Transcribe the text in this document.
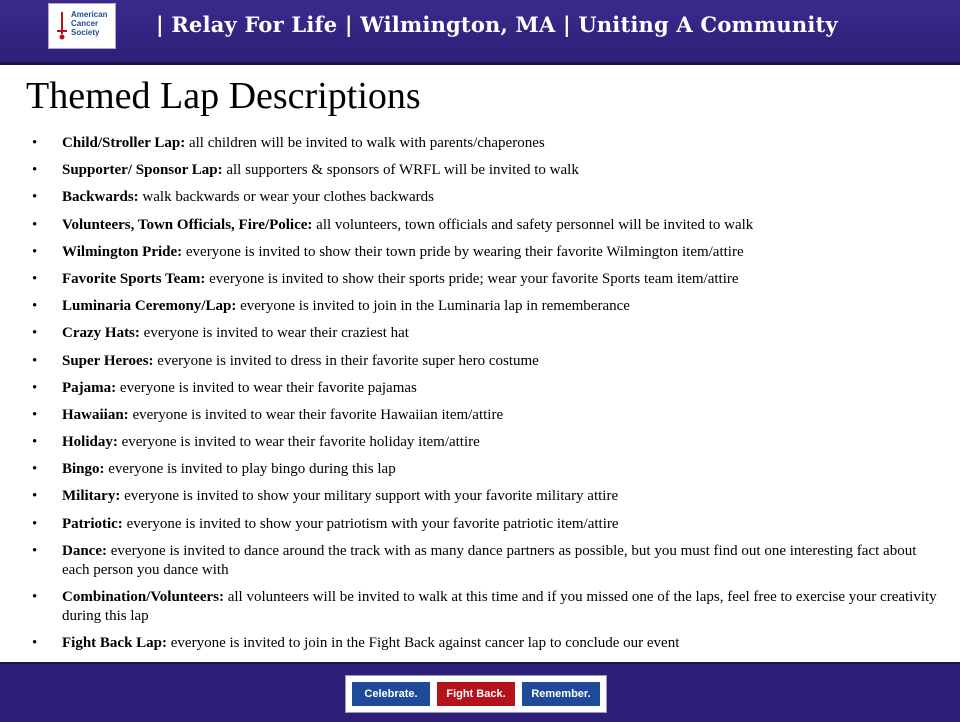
American Cancer Society	| Relay For Life | Wilmington, MA | Uniting A Community
Themed Lap Descriptions
• Child/Stroller Lap: all children will be invited to walk with parents/chaperones
• Supporter/ Sponsor Lap: all supporters & sponsors of WRFL will be invited to walk
• Backwards: walk backwards or wear your clothes backwards
• Volunteers, Town Officials, Fire/Police: all volunteers, town officials and safety personnel will be invited to walk
• Wilmington Pride: everyone is invited to show their town pride by wearing their favorite Wilmington item/attire
• Favorite Sports Team: everyone is invited to show their sports pride; wear your favorite Sports team item/attire
• Luminaria Ceremony/Lap: everyone is invited to join in the Luminaria lap in rememberance
• Crazy Hats: everyone is invited to wear their craziest hat
• Super Heroes: everyone is invited to dress in their favorite super hero costume
• Pajama: everyone is invited to wear their favorite pajamas
• Hawaiian: everyone is invited to wear their favorite Hawaiian item/attire
• Holiday: everyone is invited to wear their favorite holiday item/attire
• Bingo: everyone is invited to play bingo during this lap
• Military: everyone is invited to show your military support with your favorite military attire
• Patriotic: everyone is invited to show your patriotism with your favorite patriotic item/attire
• Dance: everyone is invited to dance around the track with as many dance partners as possible, but you must find out one interesting fact about each person you dance with
• Combination/Volunteers: all volunteers will be invited to walk at this time and if you missed one of the laps, feel free to exercise your creativity during this lap
• Fight Back Lap: everyone is invited to join in the Fight Back against cancer lap to conclude our event
Celebrate.	Fight Back.	Remember.
